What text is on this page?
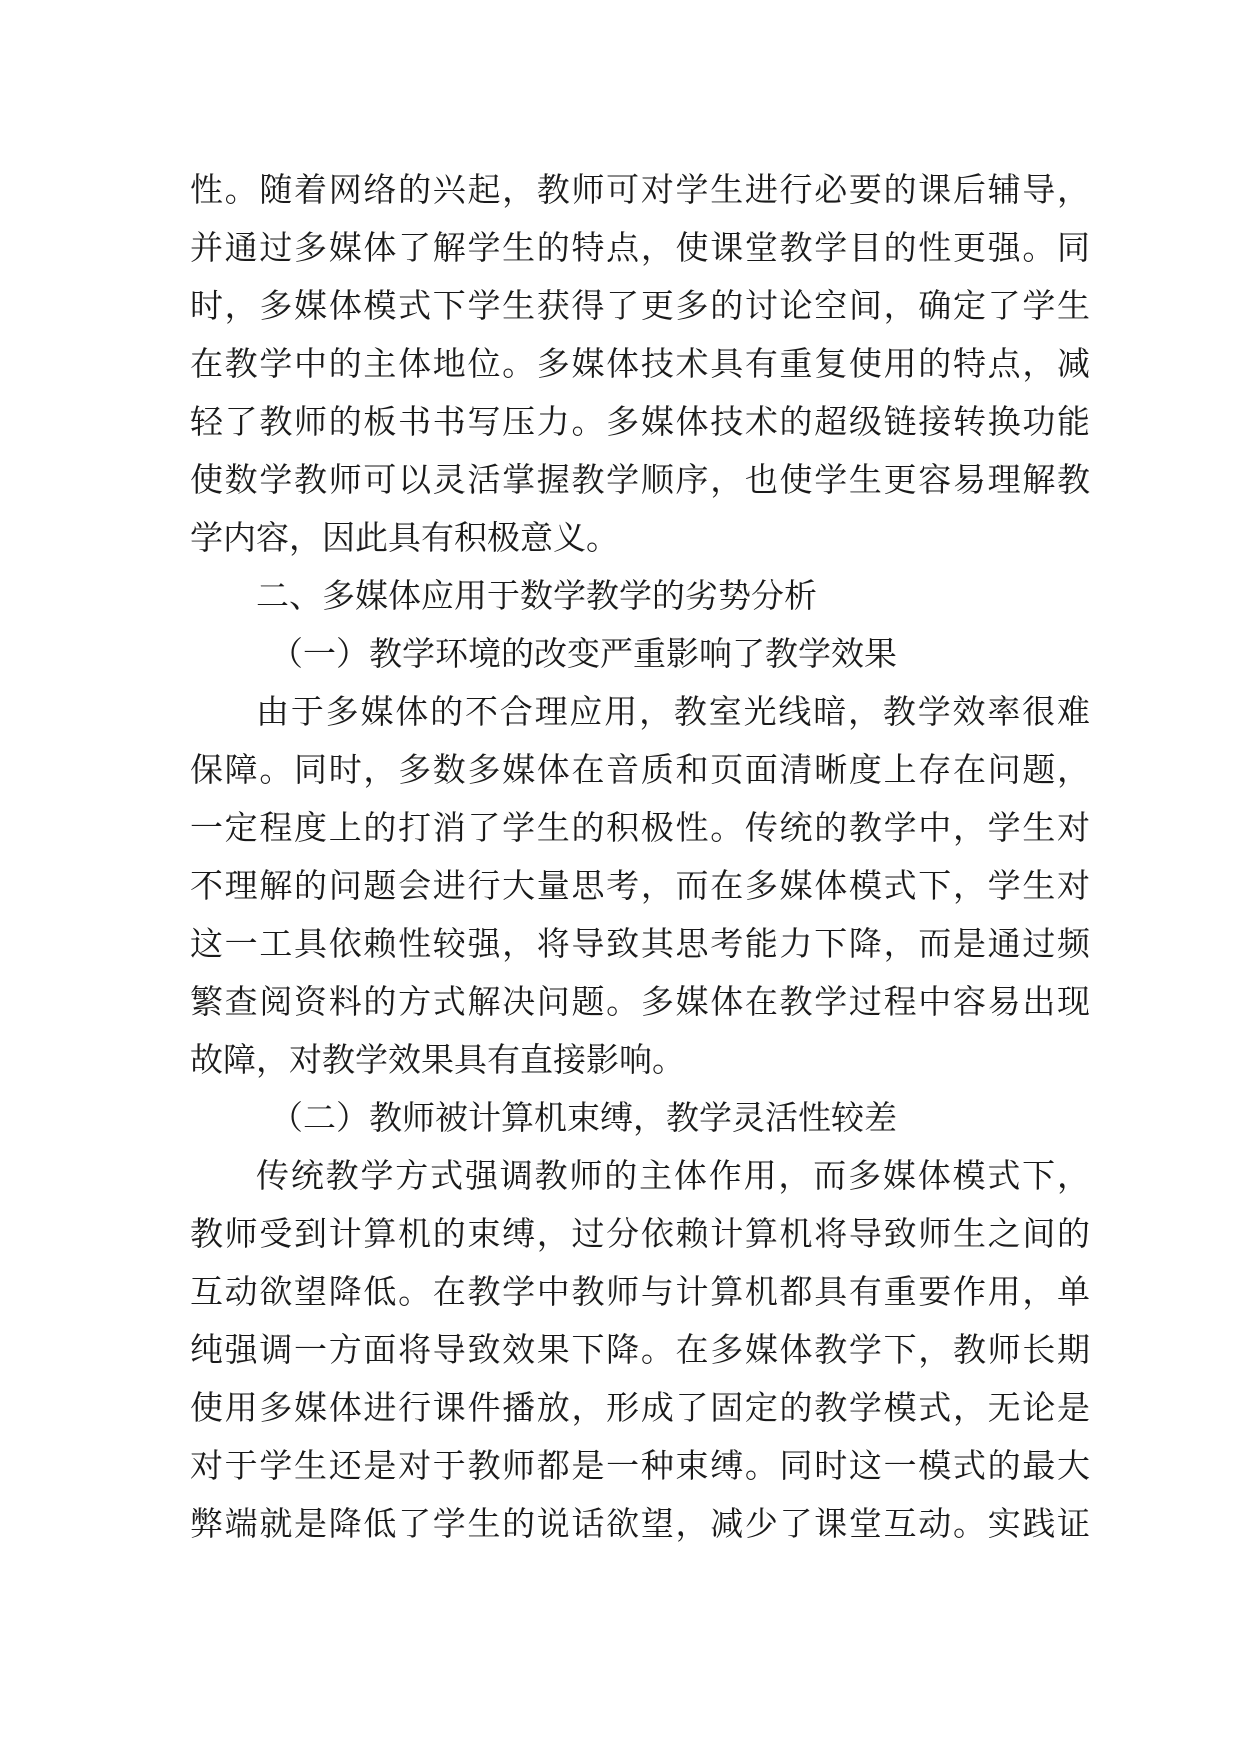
性。随着网络的兴起，教师可对学生进行必要的课后辅导，
并通过多媒体了解学生的特点，使课堂教学目的性更强。同
时，多媒体模式下学生获得了更多的讨论空间，确定了学生
在教学中的主体地位。多媒体技术具有重复使用的特点，减
轻了教师的板书书写压力。多媒体技术的超级链接转换功能
使数学教师可以灵活掌握教学顺序，也使学生更容易理解教
学内容，因此具有积极意义。
二、多媒体应用于数学教学的劣势分析
（一）教学环境的改变严重影响了教学效果
由于多媒体的不合理应用，教室光线暗，教学效率很难
保障。同时，多数多媒体在音质和页面清晰度上存在问题，
一定程度上的打消了学生的积极性。传统的教学中，学生对
不理解的问题会进行大量思考，而在多媒体模式下，学生对
这一工具依赖性较强，将导致其思考能力下降，而是通过频
繁查阅资料的方式解决问题。多媒体在教学过程中容易出现
故障，对教学效果具有直接影响。
（二）教师被计算机束缚，教学灵活性较差
传统教学方式强调教师的主体作用，而多媒体模式下，
教师受到计算机的束缚，过分依赖计算机将导致师生之间的
互动欲望降低。在教学中教师与计算机都具有重要作用，单
纯强调一方面将导致效果下降。在多媒体教学下，教师长期
使用多媒体进行课件播放，形成了固定的教学模式，无论是
对于学生还是对于教师都是一种束缚。同时这一模式的最大
弊端就是降低了学生的说话欲望，减少了课堂互动。实践证
